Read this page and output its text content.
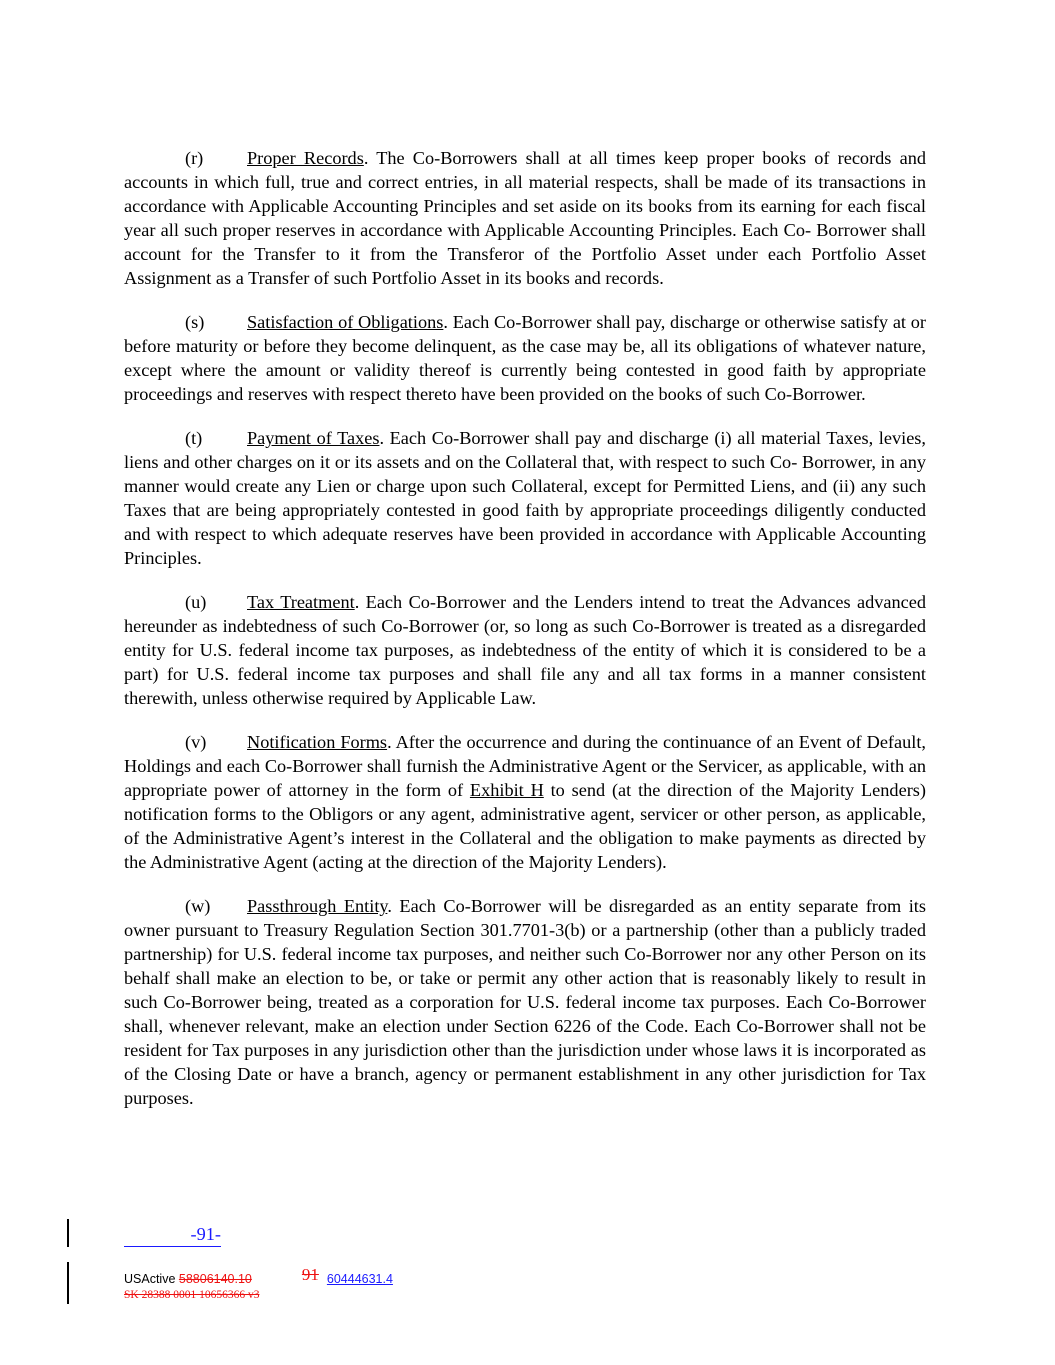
(r) Proper Records. The Co-Borrowers shall at all times keep proper books of records and accounts in which full, true and correct entries, in all material respects, shall be made of its transactions in accordance with Applicable Accounting Principles and set aside on its books from its earning for each fiscal year all such proper reserves in accordance with Applicable Accounting Principles. Each Co- Borrower shall account for the Transfer to it from the Transferor of the Portfolio Asset under each Portfolio Asset Assignment as a Transfer of such Portfolio Asset in its books and records.

(s) Satisfaction of Obligations. Each Co-Borrower shall pay, discharge or otherwise satisfy at or before maturity or before they become delinquent, as the case may be, all its obligations of whatever nature, except where the amount or validity thereof is currently being contested in good faith by appropriate proceedings and reserves with respect thereto have been provided on the books of such Co-Borrower.

(t) Payment of Taxes. Each Co-Borrower shall pay and discharge (i) all material Taxes, levies, liens and other charges on it or its assets and on the Collateral that, with respect to such Co- Borrower, in any manner would create any Lien or charge upon such Collateral, except for Permitted Liens, and (ii) any such Taxes that are being appropriately contested in good faith by appropriate proceedings diligently conducted and with respect to which adequate reserves have been provided in accordance with Applicable Accounting Principles.

(u) Tax Treatment. Each Co-Borrower and the Lenders intend to treat the Advances advanced hereunder as indebtedness of such Co-Borrower (or, so long as such Co-Borrower is treated as a disregarded entity for U.S. federal income tax purposes, as indebtedness of the entity of which it is considered to be a part) for U.S. federal income tax purposes and shall file any and all tax forms in a manner consistent therewith, unless otherwise required by Applicable Law.

(v) Notification Forms. After the occurrence and during the continuance of an Event of Default, Holdings and each Co-Borrower shall furnish the Administrative Agent or the Servicer, as applicable, with an appropriate power of attorney in the form of Exhibit H to send (at the direction of the Majority Lenders) notification forms to the Obligors or any agent, administrative agent, servicer or other person, as applicable, of the Administrative Agent’s interest in the Collateral and the obligation to make payments as directed by the Administrative Agent (acting at the direction of the Majority Lenders).

(w) Passthrough Entity. Each Co-Borrower will be disregarded as an entity separate from its owner pursuant to Treasury Regulation Section 301.7701-3(b) or a partnership (other than a publicly traded partnership) for U.S. federal income tax purposes, and neither such Co-Borrower nor any other Person on its behalf shall make an election to be, or take or permit any other action that is reasonably likely to result in such Co-Borrower being, treated as a corporation for U.S. federal income tax purposes. Each Co-Borrower shall, whenever relevant, make an election under Section 6226 of the Code. Each Co-Borrower shall not be resident for Tax purposes in any jurisdiction other than the jurisdiction under whose laws it is incorporated as of the Closing Date or have a branch, agency or permanent establishment in any other jurisdiction for Tax purposes.

-91-
USActive 58806140.10	91 60444631.4
SK 28388 0001 10656366 v3
